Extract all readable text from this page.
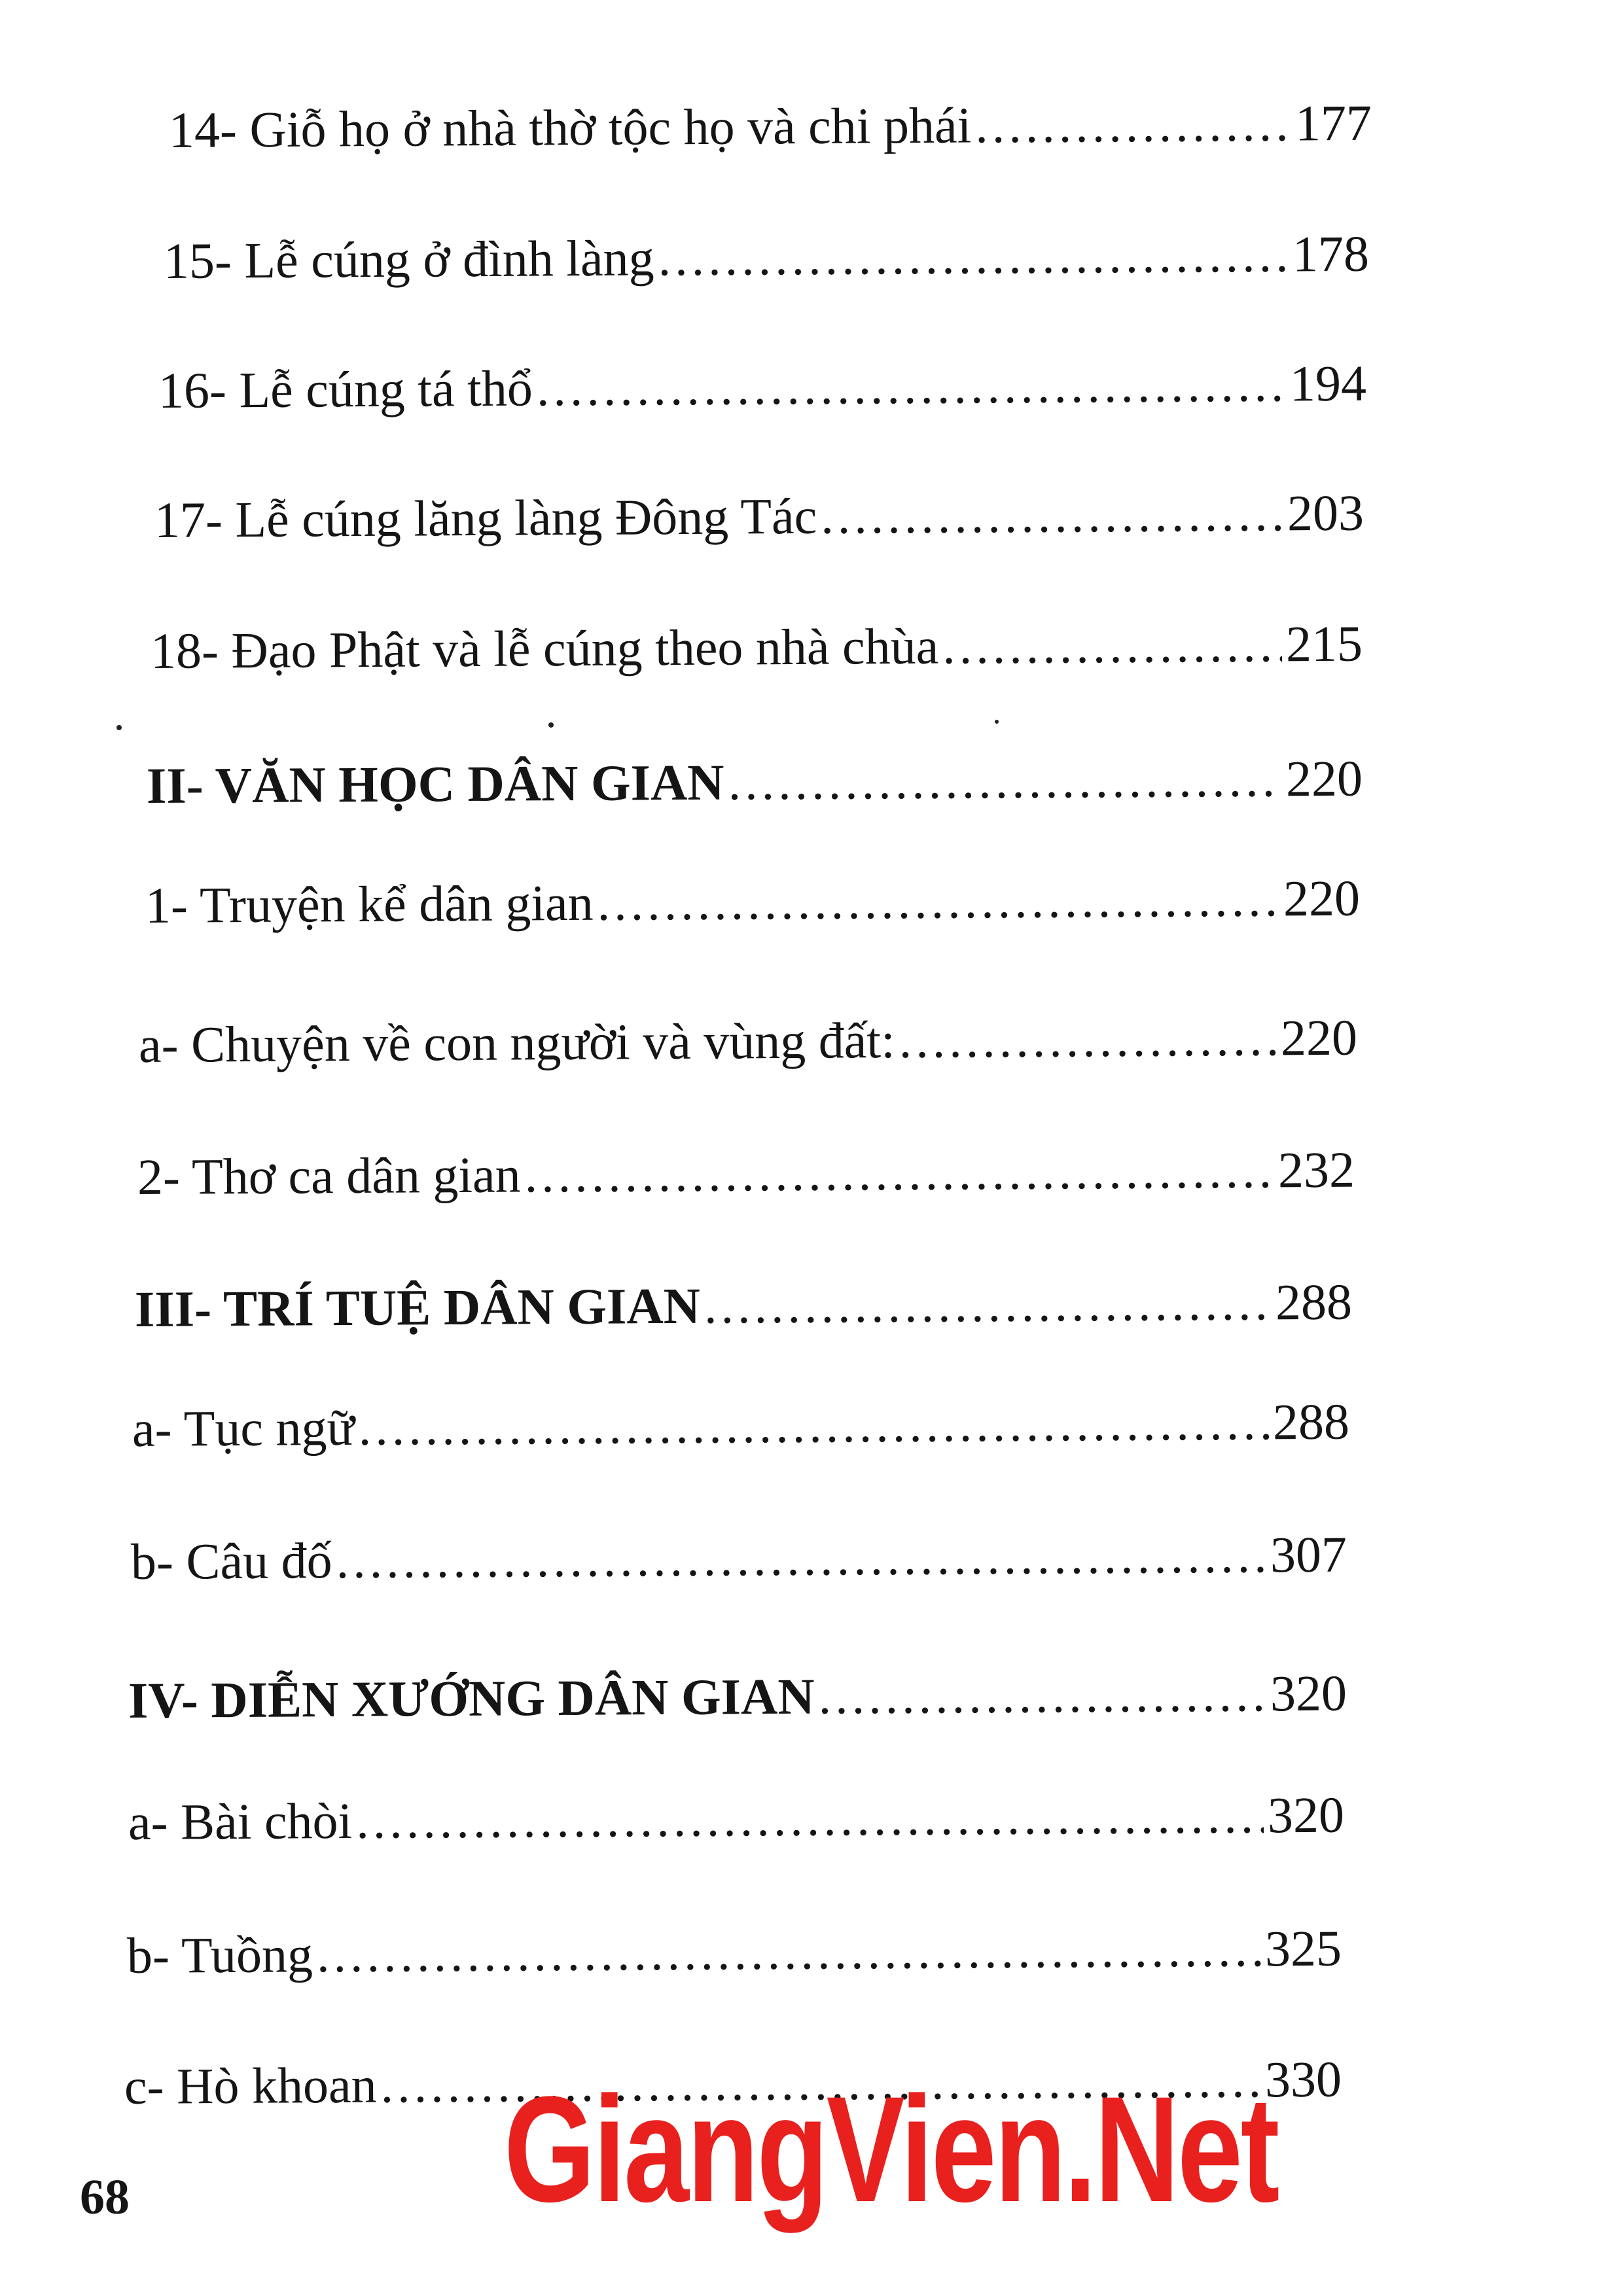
14- Giỗ họ ở nhà thờ tộc họ và chi phái .....	177
15- Lễ cúng ở đình làng .....	178
16- Lễ cúng tá thổ .....	194
17- Lễ cúng lăng làng Đông Tác .....	203
18- Đạo Phật và lễ cúng theo nhà chùa .....	215
II- VĂN HỌC DÂN GIAN .....	220
1- Truyện kể dân gian .....	220
a- Chuyện về con người và vùng đất: .....	220
2- Thơ ca dân gian .....	232
III- TRÍ TUỆ DÂN GIAN .....	288
a- Tục ngữ .....	288
b- Câu đố .....	307
IV- DIỄN XƯỚNG DÂN GIAN .....	320
a- Bài chòi .....	320
b- Tuồng .....	325
c- Hò khoan .....	330
68 GiangVien.Net
